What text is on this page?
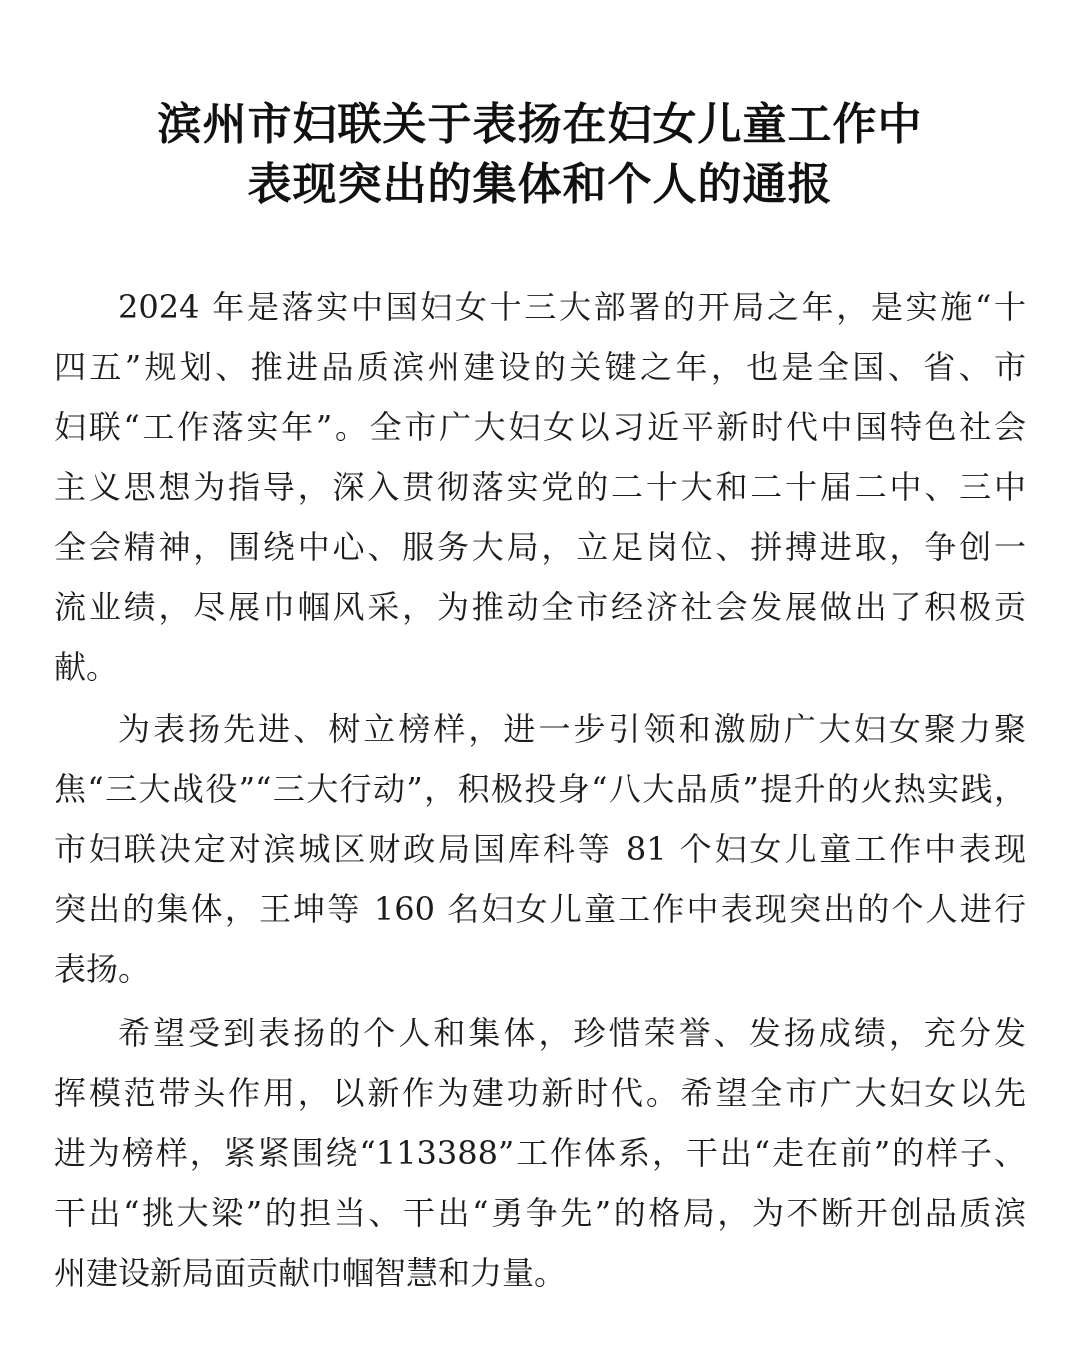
滨州市妇联关于表扬在妇女儿童工作中
表现突出的集体和个人的通报
2024 年是落实中国妇女十三大部署的开局之年，是实施“十
四五”规划、推进品质滨州建设的关键之年，也是全国、省、市
妇联“工作落实年”。全市广大妇女以习近平新时代中国特色社会
主义思想为指导，深入贯彻落实党的二十大和二十届二中、三中
全会精神，围绕中心、服务大局，立足岗位、拼搏进取，争创一
流业绩，尽展巾帼风采，为推动全市经济社会发展做出了积极贡
献。
为表扬先进、树立榜样，进一步引领和激励广大妇女聚力聚
焦“三大战役”“三大行动”，积极投身“八大品质”提升的火热实践，
市妇联决定对滨城区财政局国库科等 81 个妇女儿童工作中表现
突出的集体，王坤等 160 名妇女儿童工作中表现突出的个人进行
表扬。
希望受到表扬的个人和集体，珍惜荣誉、发扬成绩，充分发
挥模范带头作用，以新作为建功新时代。希望全市广大妇女以先
进为榜样，紧紧围绕“113388”工作体系，干出“走在前”的样子、
干出“挑大梁”的担当、干出“勇争先”的格局，为不断开创品质滨
州建设新局面贡献巾帼智慧和力量。
